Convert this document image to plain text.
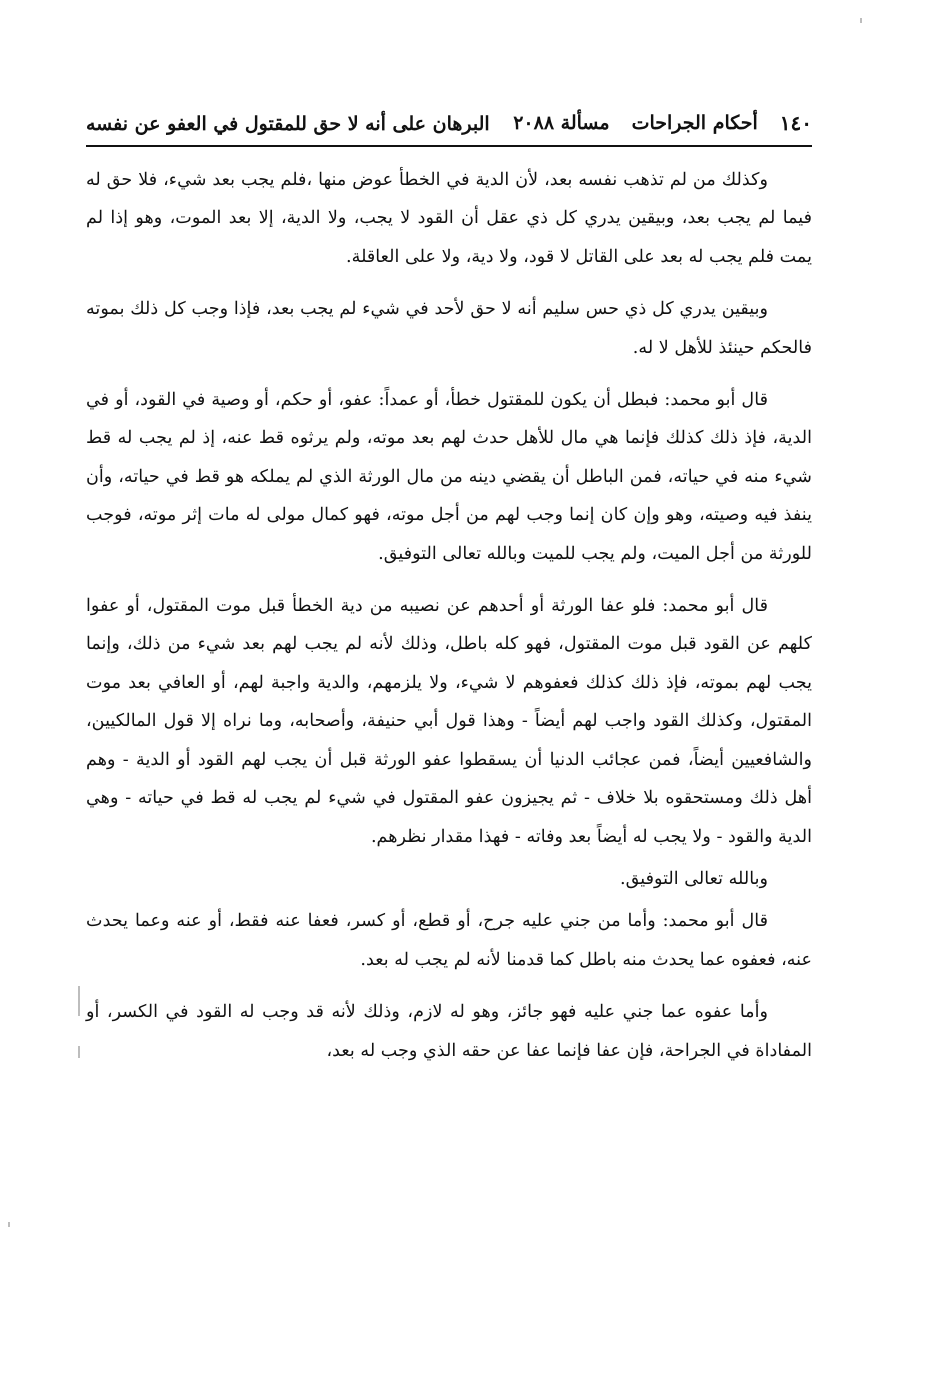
١٤٠
أحكام الجراحات
مسألة ٢٠٨٨
البرهان على أنه لا حق للمقتول في العفو عن نفسه

وكذلك من لم تذهب نفسه بعد، لأن الدية في الخطأ عوض منها ،فلم يجب بعد شيء، فلا حق له فيما لم يجب بعد، وبيقين يدري كل ذي عقل أن القود لا يجب، ولا الدية، إلا بعد الموت، وهو إذا لم يمت فلم يجب له بعد على القاتل لا قود، ولا دية، ولا على العاقلة.

وبيقين يدري كل ذي حس سليم أنه لا حق لأحد في شيء لم يجب بعد، فإذا وجب كل ذلك بموته فالحكم حينئذ للأهل لا له.

قال أبو محمد: فبطل أن يكون للمقتول خطأ، أو عمداً: عفو، أو حكم، أو وصية في القود، أو في الدية، فإذ ذلك كذلك فإنما هي مال للأهل حدث لهم بعد موته، ولم يرثوه قط عنه، إذ لم يجب له قط شيء منه في حياته، فمن الباطل أن يقضي دينه من مال الورثة الذي لم يملكه هو قط في حياته، وأن ينفذ فيه وصيته، وهو وإن كان إنما وجب لهم من أجل موته، فهو كمال مولى له مات إثر موته، فوجب للورثة من أجل الميت، ولم يجب للميت وبالله تعالى التوفيق.

قال أبو محمد: فلو عفا الورثة أو أحدهم عن نصيبه من دية الخطأ قبل موت المقتول، أو عفوا كلهم عن القود قبل موت المقتول، فهو كله باطل، وذلك لأنه لم يجب لهم بعد شيء من ذلك، وإنما يجب لهم بموته، فإذ ذلك كذلك فعفوهم لا شيء، ولا يلزمهم، والدية واجبة لهم، أو العافي بعد موت المقتول، وكذلك القود واجب لهم أيضاً - وهذا قول أبي حنيفة، وأصحابه، وما نراه إلا قول المالكيين، والشافعيين أيضاً، فمن عجائب الدنيا أن يسقطوا عفو الورثة قبل أن يجب لهم القود أو الدية - وهم أهل ذلك ومستحقوه بلا خلاف - ثم يجيزون عفو المقتول في شيء لم يجب له قط في حياته - وهي الدية والقود - ولا يجب له أيضاً بعد وفاته - فهذا مقدار نظرهم.

وبالله تعالى التوفيق.

قال أبو محمد: وأما من جني عليه جرح، أو قطع، أو كسر، فعفا عنه فقط، أو عنه وعما يحدث عنه، فعفوه عما يحدث منه باطل كما قدمنا لأنه لم يجب له بعد.

وأما عفوه عما جني عليه فهو جائز، وهو له لازم، وذلك لأنه قد وجب له القود في الكسر، أو المفاداة في الجراحة، فإن عفا فإنما عفا عن حقه الذي وجب له بعد،
